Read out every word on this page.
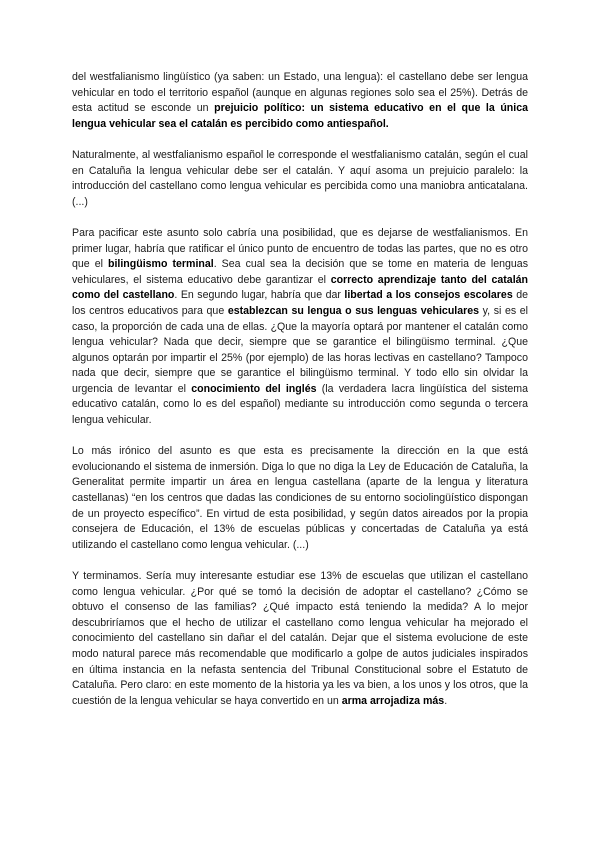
del westfalianismo lingüístico (ya saben: un Estado, una lengua): el castellano debe ser lengua vehicular en todo el territorio español (aunque en algunas regiones solo sea el 25%). Detrás de esta actitud se esconde un prejuicio político: un sistema educativo en el que la única lengua vehicular sea el catalán es percibido como antiespañol.

Naturalmente, al westfalianismo español le corresponde el westfalianismo catalán, según el cual en Cataluña la lengua vehicular debe ser el catalán. Y aquí asoma un prejuicio paralelo: la introducción del castellano como lengua vehicular es percibida como una maniobra anticatalana. (...)

Para pacificar este asunto solo cabría una posibilidad, que es dejarse de westfalianismos. En primer lugar, habría que ratificar el único punto de encuentro de todas las partes, que no es otro que el bilingüismo terminal. Sea cual sea la decisión que se tome en materia de lenguas vehiculares, el sistema educativo debe garantizar el correcto aprendizaje tanto del catalán como del castellano. En segundo lugar, habría que dar libertad a los consejos escolares de los centros educativos para que establezcan su lengua o sus lenguas vehiculares y, si es el caso, la proporción de cada una de ellas. ¿Que la mayoría optará por mantener el catalán como lengua vehicular? Nada que decir, siempre que se garantice el bilingüismo terminal. ¿Que algunos optarán por impartir el 25% (por ejemplo) de las horas lectivas en castellano? Tampoco nada que decir, siempre que se garantice el bilingüismo terminal. Y todo ello sin olvidar la urgencia de levantar el conocimiento del inglés (la verdadera lacra lingüística del sistema educativo catalán, como lo es del español) mediante su introducción como segunda o tercera lengua vehicular.

Lo más irónico del asunto es que esta es precisamente la dirección en la que está evolucionando el sistema de inmersión. Diga lo que no diga la Ley de Educación de Cataluña, la Generalitat permite impartir un área en lengua castellana (aparte de la lengua y literatura castellanas) “en los centros que dadas las condiciones de su entorno sociolingüístico dispongan de un proyecto específico”. En virtud de esta posibilidad, y según datos aireados por la propia consejera de Educación, el 13% de escuelas públicas y concertadas de Cataluña ya está utilizando el castellano como lengua vehicular. (...)

Y terminamos. Sería muy interesante estudiar ese 13% de escuelas que utilizan el castellano como lengua vehicular. ¿Por qué se tomó la decisión de adoptar el castellano? ¿Cómo se obtuvo el consenso de las familias? ¿Qué impacto está teniendo la medida? A lo mejor descubriríamos que el hecho de utilizar el castellano como lengua vehicular ha mejorado el conocimiento del castellano sin dañar el del catalán. Dejar que el sistema evolucione de este modo natural parece más recomendable que modificarlo a golpe de autos judiciales inspirados en última instancia en la nefasta sentencia del Tribunal Constitucional sobre el Estatuto de Cataluña. Pero claro: en este momento de la historia ya les va bien, a los unos y los otros, que la cuestión de la lengua vehicular se haya convertido en un arma arrojadiza más.
